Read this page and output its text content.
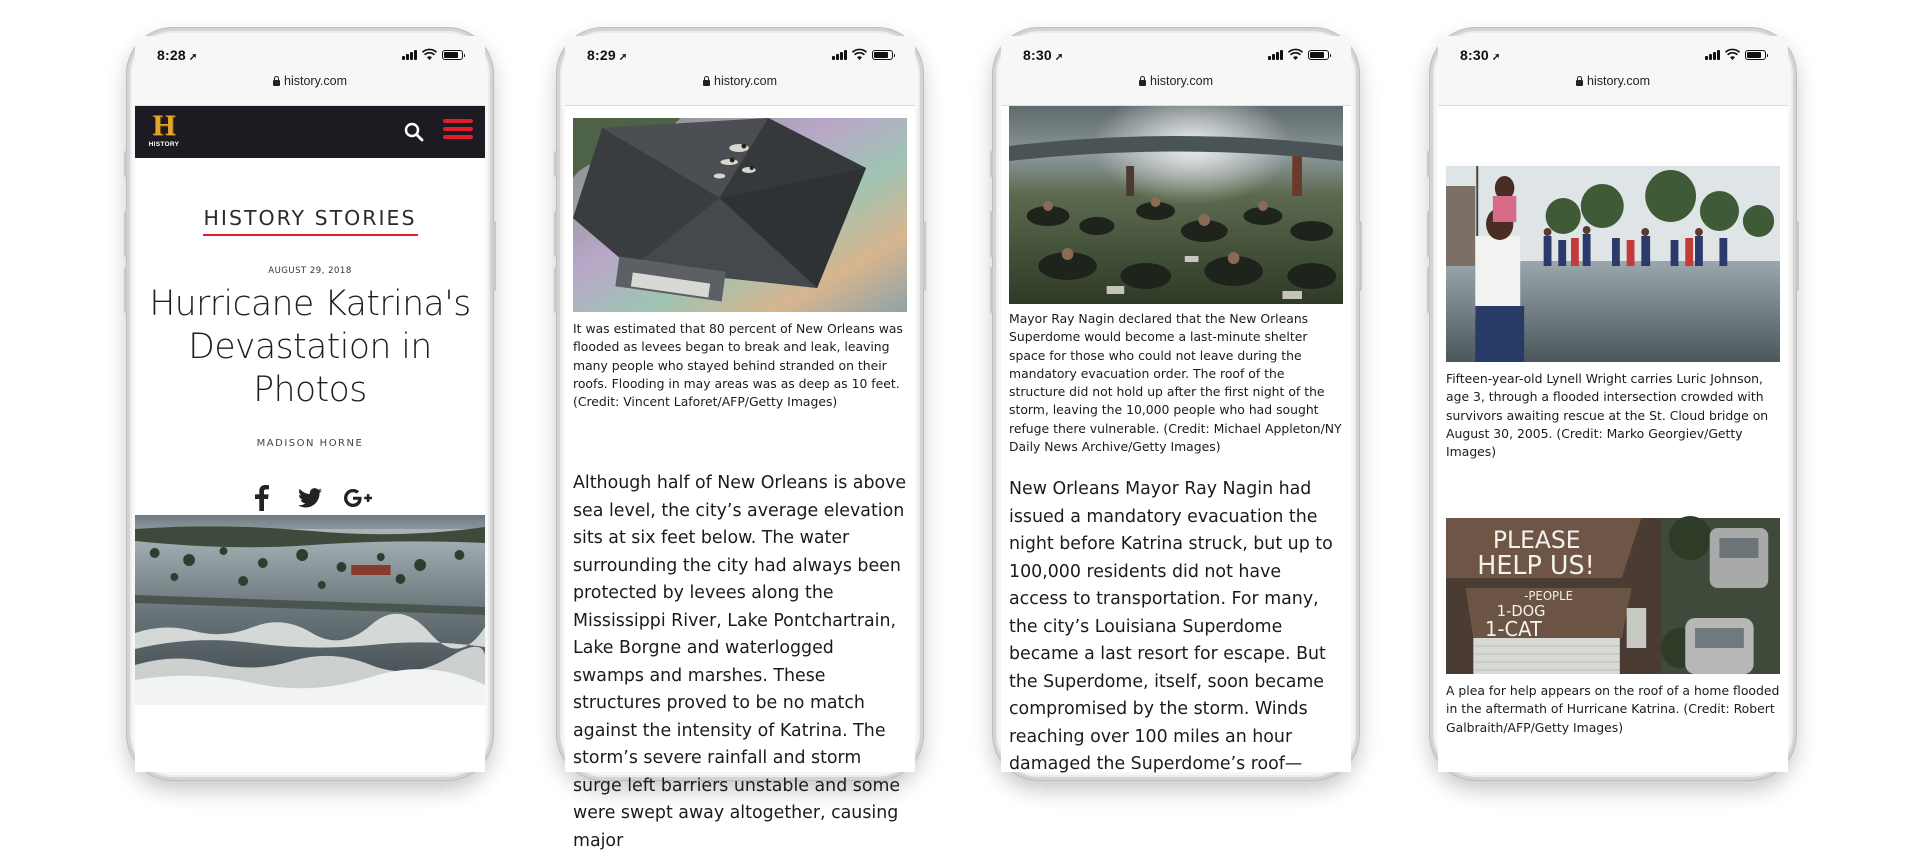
8:28 ➚
history.com
H
HISTORY
HISTORY STORIES
AUGUST 29, 2018
Hurricane Katrina's Devastation in Photos
MADISON HORNE
8:29 ➚
history.com

It was estimated that 80 percent of New Orleans was flooded as levees began to break and leak, leaving many people who stayed behind stranded on their roofs. Flooding in may areas was as deep as 10 feet. (Credit: Vincent Laforet/AFP/Getty Images)

Although half of New Orleans is above sea level, the city’s average elevation sits at six feet below. The water surrounding the city had always been protected by levees along the Mississippi River, Lake Pontchartrain, Lake Borgne and waterlogged swamps and marshes. These structures proved to be no match against the intensity of Katrina. The storm’s severe rainfall and storm surge left barriers unstable and some were swept away altogether, causing major

8:30 ➚
history.com

Mayor Ray Nagin declared that the New Orleans Superdome would become a last-minute shelter space for those who could not leave during the mandatory evacuation order. The roof of the structure did not hold up after the first night of the storm, leaving the 10,000 people who had sought refuge there vulnerable. (Credit: Michael Appleton/NY Daily News Archive/Getty Images)

New Orleans Mayor Ray Nagin had issued a mandatory evacuation the night before Katrina struck, but up to 100,000 residents did not have access to transportation. For many, the city’s Louisiana Superdome became a last resort for escape. But the Superdome, itself, soon became compromised by the storm. Winds reaching over 100 miles an hour damaged the Superdome’s roof—

8:30 ➚
history.com

Fifteen-year-old Lynell Wright carries Luric Johnson, age 3, through a flooded intersection crowded with survivors awaiting rescue at the St. Cloud bridge on August 30, 2005. (Credit: Marko Georgiev/Getty Images)

PLEASE
HELP US!
-PEOPLE
1-DOG
1-CAT

A plea for help appears on the roof of a home flooded in the aftermath of Hurricane Katrina. (Credit: Robert Galbraith/AFP/Getty Images)
